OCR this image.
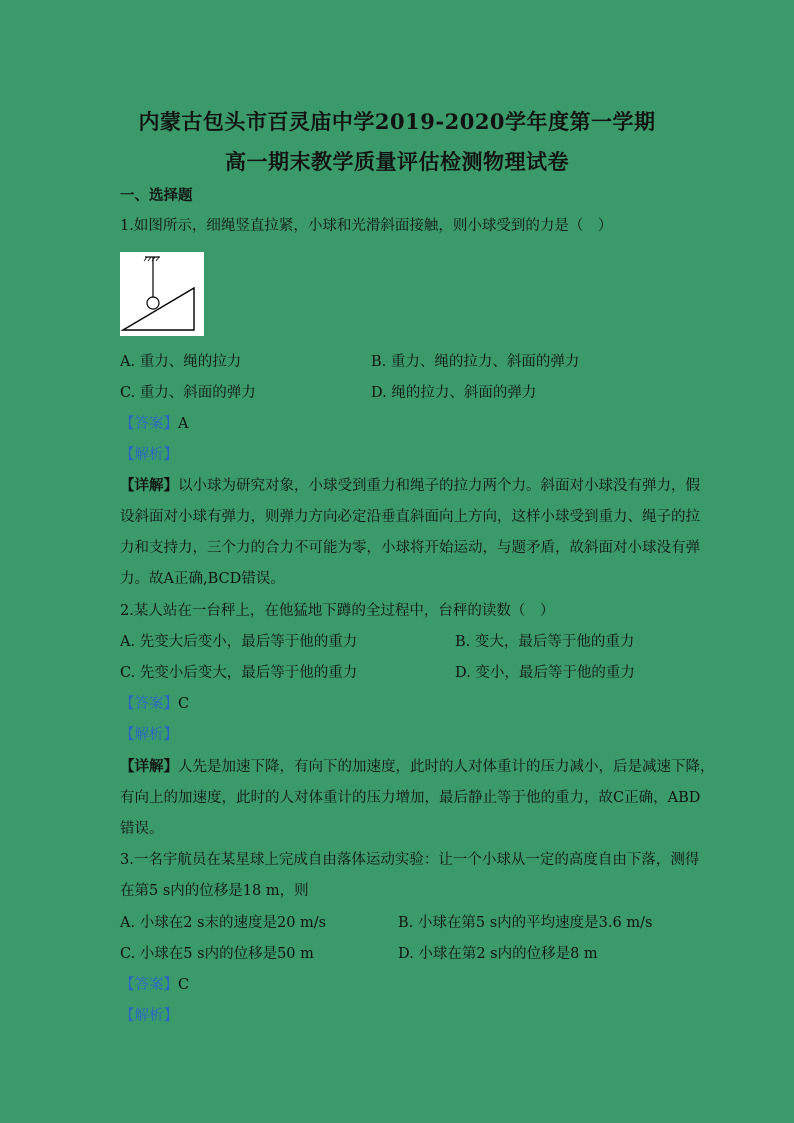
内蒙古包头市百灵庙中学2019-2020学年度第一学期
高一期末教学质量评估检测物理试卷
一、选择题
1.如图所示，细绳竖直拉紧，小球和光滑斜面接触，则小球受到的力是（　）
A. 重力、绳的拉力	B. 重力、绳的拉力、斜面的弹力
C. 重力、斜面的弹力	D. 绳的拉力、斜面的弹力
【答案】A
【解析】
【详解】以小球为研究对象，小球受到重力和绳子的拉力两个力。斜面对小球没有弹力，假
设斜面对小球有弹力，则弹力方向必定沿垂直斜面向上方向，这样小球受到重力、绳子的拉
力和支持力，三个力的合力不可能为零，小球将开始运动，与题矛盾，故斜面对小球没有弹
力。故A正确,BCD错误。
2.某人站在一台秤上，在他猛地下蹲的全过程中，台秤的读数（　）
A. 先变大后变小，最后等于他的重力	B. 变大，最后等于他的重力
C. 先变小后变大，最后等于他的重力	D. 变小，最后等于他的重力
【答案】C
【解析】
【详解】人先是加速下降，有向下的加速度，此时的人对体重计的压力减小，后是减速下降，
有向上的加速度，此时的人对体重计的压力增加，最后静止等于他的重力，故C正确，ABD
错误。
3.一名宇航员在某星球上完成自由落体运动实验：让一个小球从一定的高度自由下落，测得
在第5 s内的位移是18 m，则
A. 小球在2 s末的速度是20 m/s	B. 小球在第5 s内的平均速度是3.6 m/s
C. 小球在5 s内的位移是50 m	D. 小球在第2 s内的位移是8 m
【答案】C
【解析】
